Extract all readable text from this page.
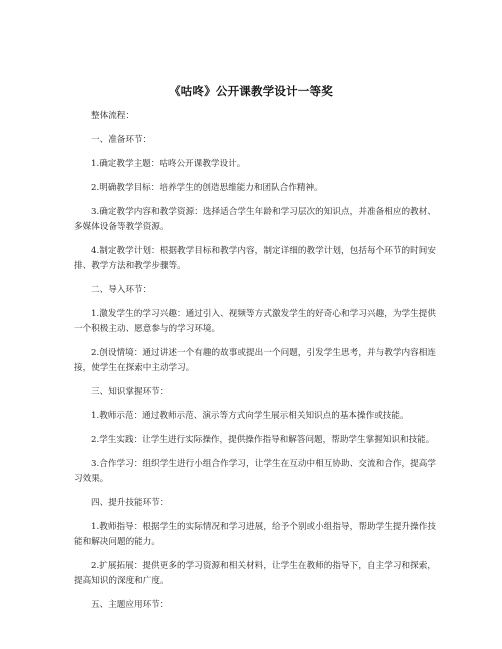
《咕咚》公开课教学设计一等奖

整体流程：

一、准备环节：

1.确定教学主题：咕咚公开课教学设计。

2.明确教学目标：培养学生的创造思维能力和团队合作精神。

3.确定教学内容和教学资源：选择适合学生年龄和学习层次的知识点，并准备相应的教材、多媒体设备等教学资源。

4.制定教学计划：根据教学目标和教学内容，制定详细的教学计划，包括每个环节的时间安排、教学方法和教学步骤等。

二、导入环节：

1.激发学生的学习兴趣：通过引入、视频等方式激发学生的好奇心和学习兴趣，为学生提供一个积极主动、愿意参与的学习环境。

2.创设情境：通过讲述一个有趣的故事或提出一个问题，引发学生思考，并与教学内容相连接，使学生在探索中主动学习。

三、知识掌握环节：

1.教师示范：通过教师示范、演示等方式向学生展示相关知识点的基本操作或技能。

2.学生实践：让学生进行实际操作，提供操作指导和解答问题，帮助学生掌握知识和技能。

3.合作学习：组织学生进行小组合作学习，让学生在互动中相互协助、交流和合作，提高学习效果。

四、提升技能环节：

1.教师指导：根据学生的实际情况和学习进展，给予个别或小组指导，帮助学生提升操作技能和解决问题的能力。

2.扩展拓展：提供更多的学习资源和相关材料，让学生在教师的指导下，自主学习和探索，提高知识的深度和广度。

五、主题应用环节：
